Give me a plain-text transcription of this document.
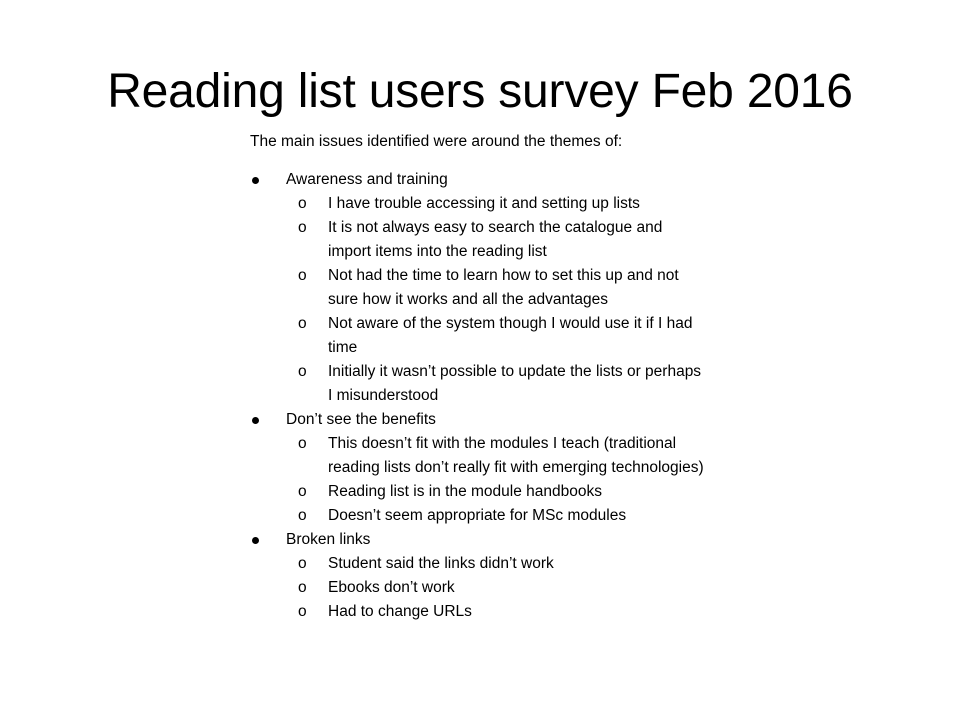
Reading list users survey Feb 2016

The main issues identified were around the themes of:

Awareness and training
o I have trouble accessing it and setting up lists
o It is not always easy to search the catalogue and import items into the reading list
o Not had the time to learn how to set this up and not sure how it works and all the advantages
o Not aware of the system though I would use it if I had time
o Initially it wasn’t possible to update the lists or perhaps I misunderstood
Don’t see the benefits
o This doesn’t fit with the modules I teach (traditional reading lists don’t really fit with emerging technologies)
o Reading list is in the module handbooks
o Doesn’t seem appropriate for MSc modules
Broken links
o Student said the links didn’t work
o Ebooks don’t work
o Had to change URLs
